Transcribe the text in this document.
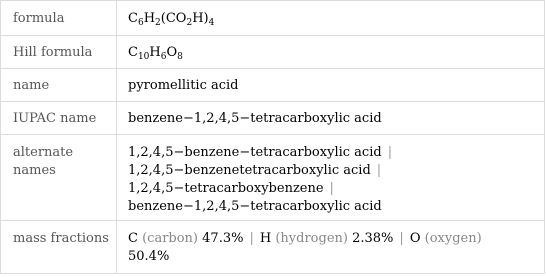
formula	$C_6H_2(CO_2H)_4$
Hill formula	$C_{10}H_6O_8$
name	pyromellitic acid
IUPAC name	benzene−1,2,4,5−tetracarboxylic acid
alternate names	1,2,4,5−benzene−tetracarboxylic acid |
1,2,4,5−benzenetetracarboxylic acid |
1,2,4,5−tetracarboxybenzene |
benzene−1,2,4,5−tetracarboxylic acid
mass fractions	C (carbon) 47.3% | H (hydrogen) 2.38% | O (oxygen)
50.4%
